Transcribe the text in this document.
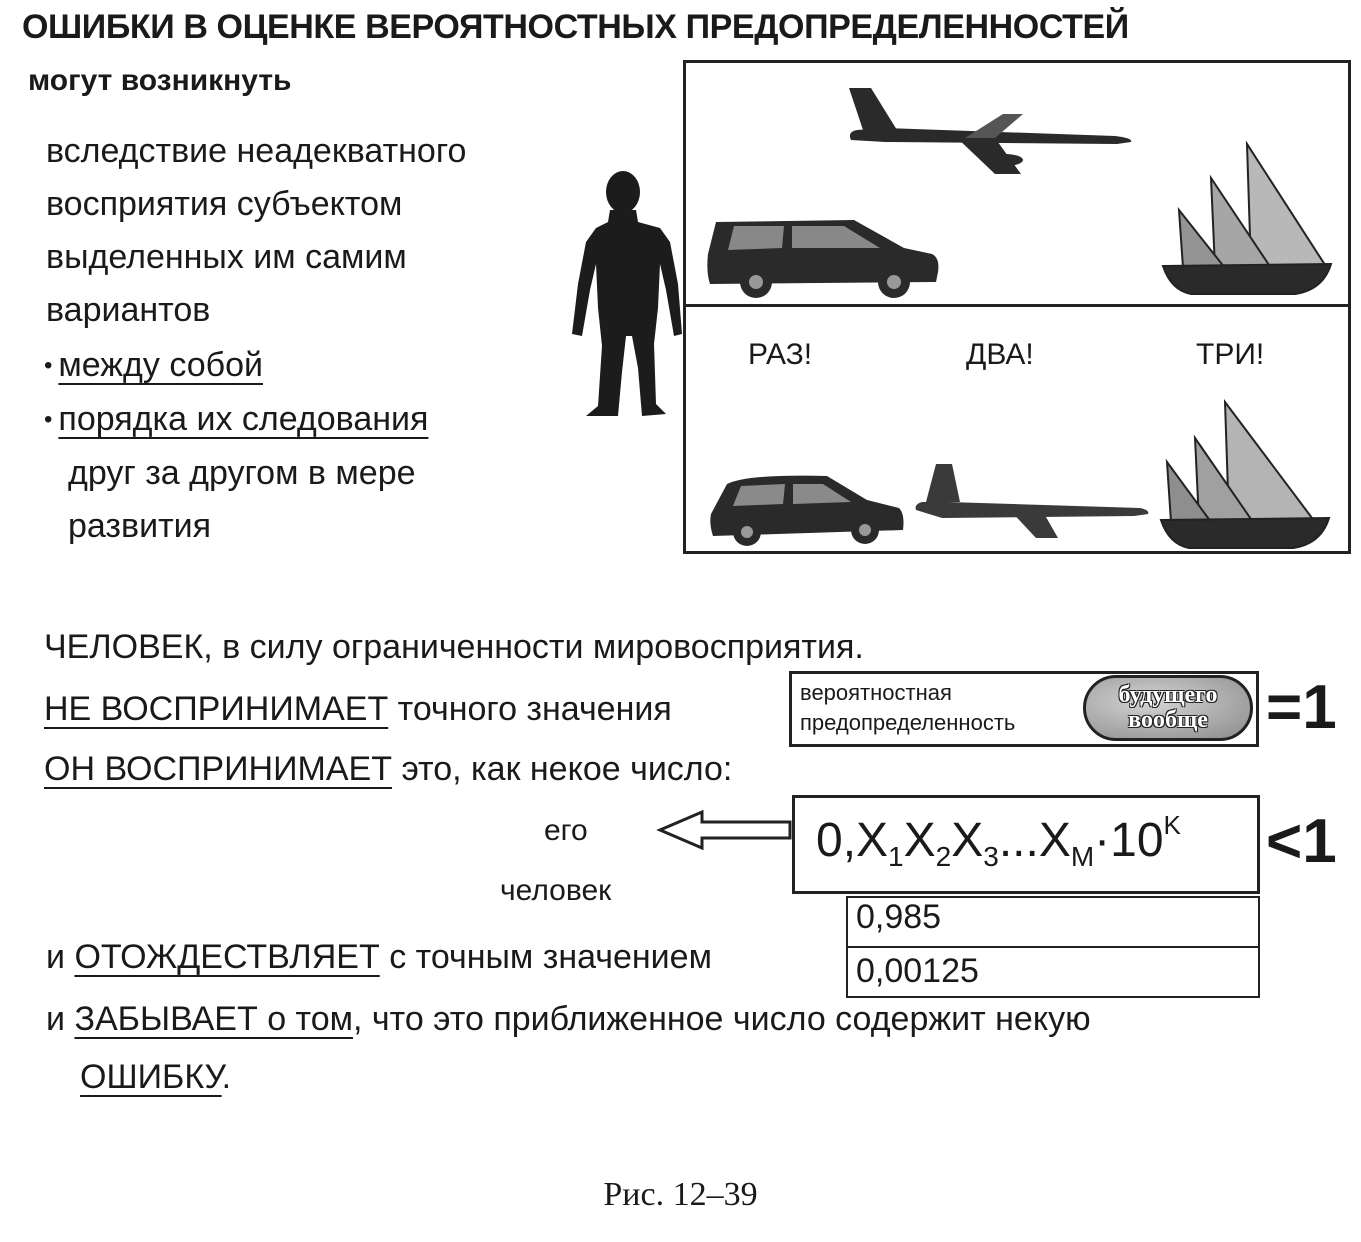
ОШИБКИ В ОЦЕНКЕ ВЕРОЯТНОСТНЫХ ПРЕДОПРЕДЕЛЕННОСТЕЙ
могут возникнуть
вследствие неадекватного
восприятия субъектом
выделенных им самим
вариантов
• между собой
• порядка их следования
друг за другом в мере
развития
РАЗ!	ДВА!	ТРИ!
ЧЕЛОВЕК, в силу ограниченности мировосприятия.
НЕ ВОСПРИНИМАЕТ точного значения	вероятностная
предопределенность
будущего
вообще =1
ОН ВОСПРИНИМАЕТ это, как некое число:
его
человек
$0,X_1X_2X_3...X_M\cdot 10^K <1$
0,985
0,00125
и ОТОЖДЕСТВЛЯЕТ с точным значением
и ЗАБЫВАЕТ о том, что это приближенное число содержит некую
ОШИБКУ.
Рис. 12–39
